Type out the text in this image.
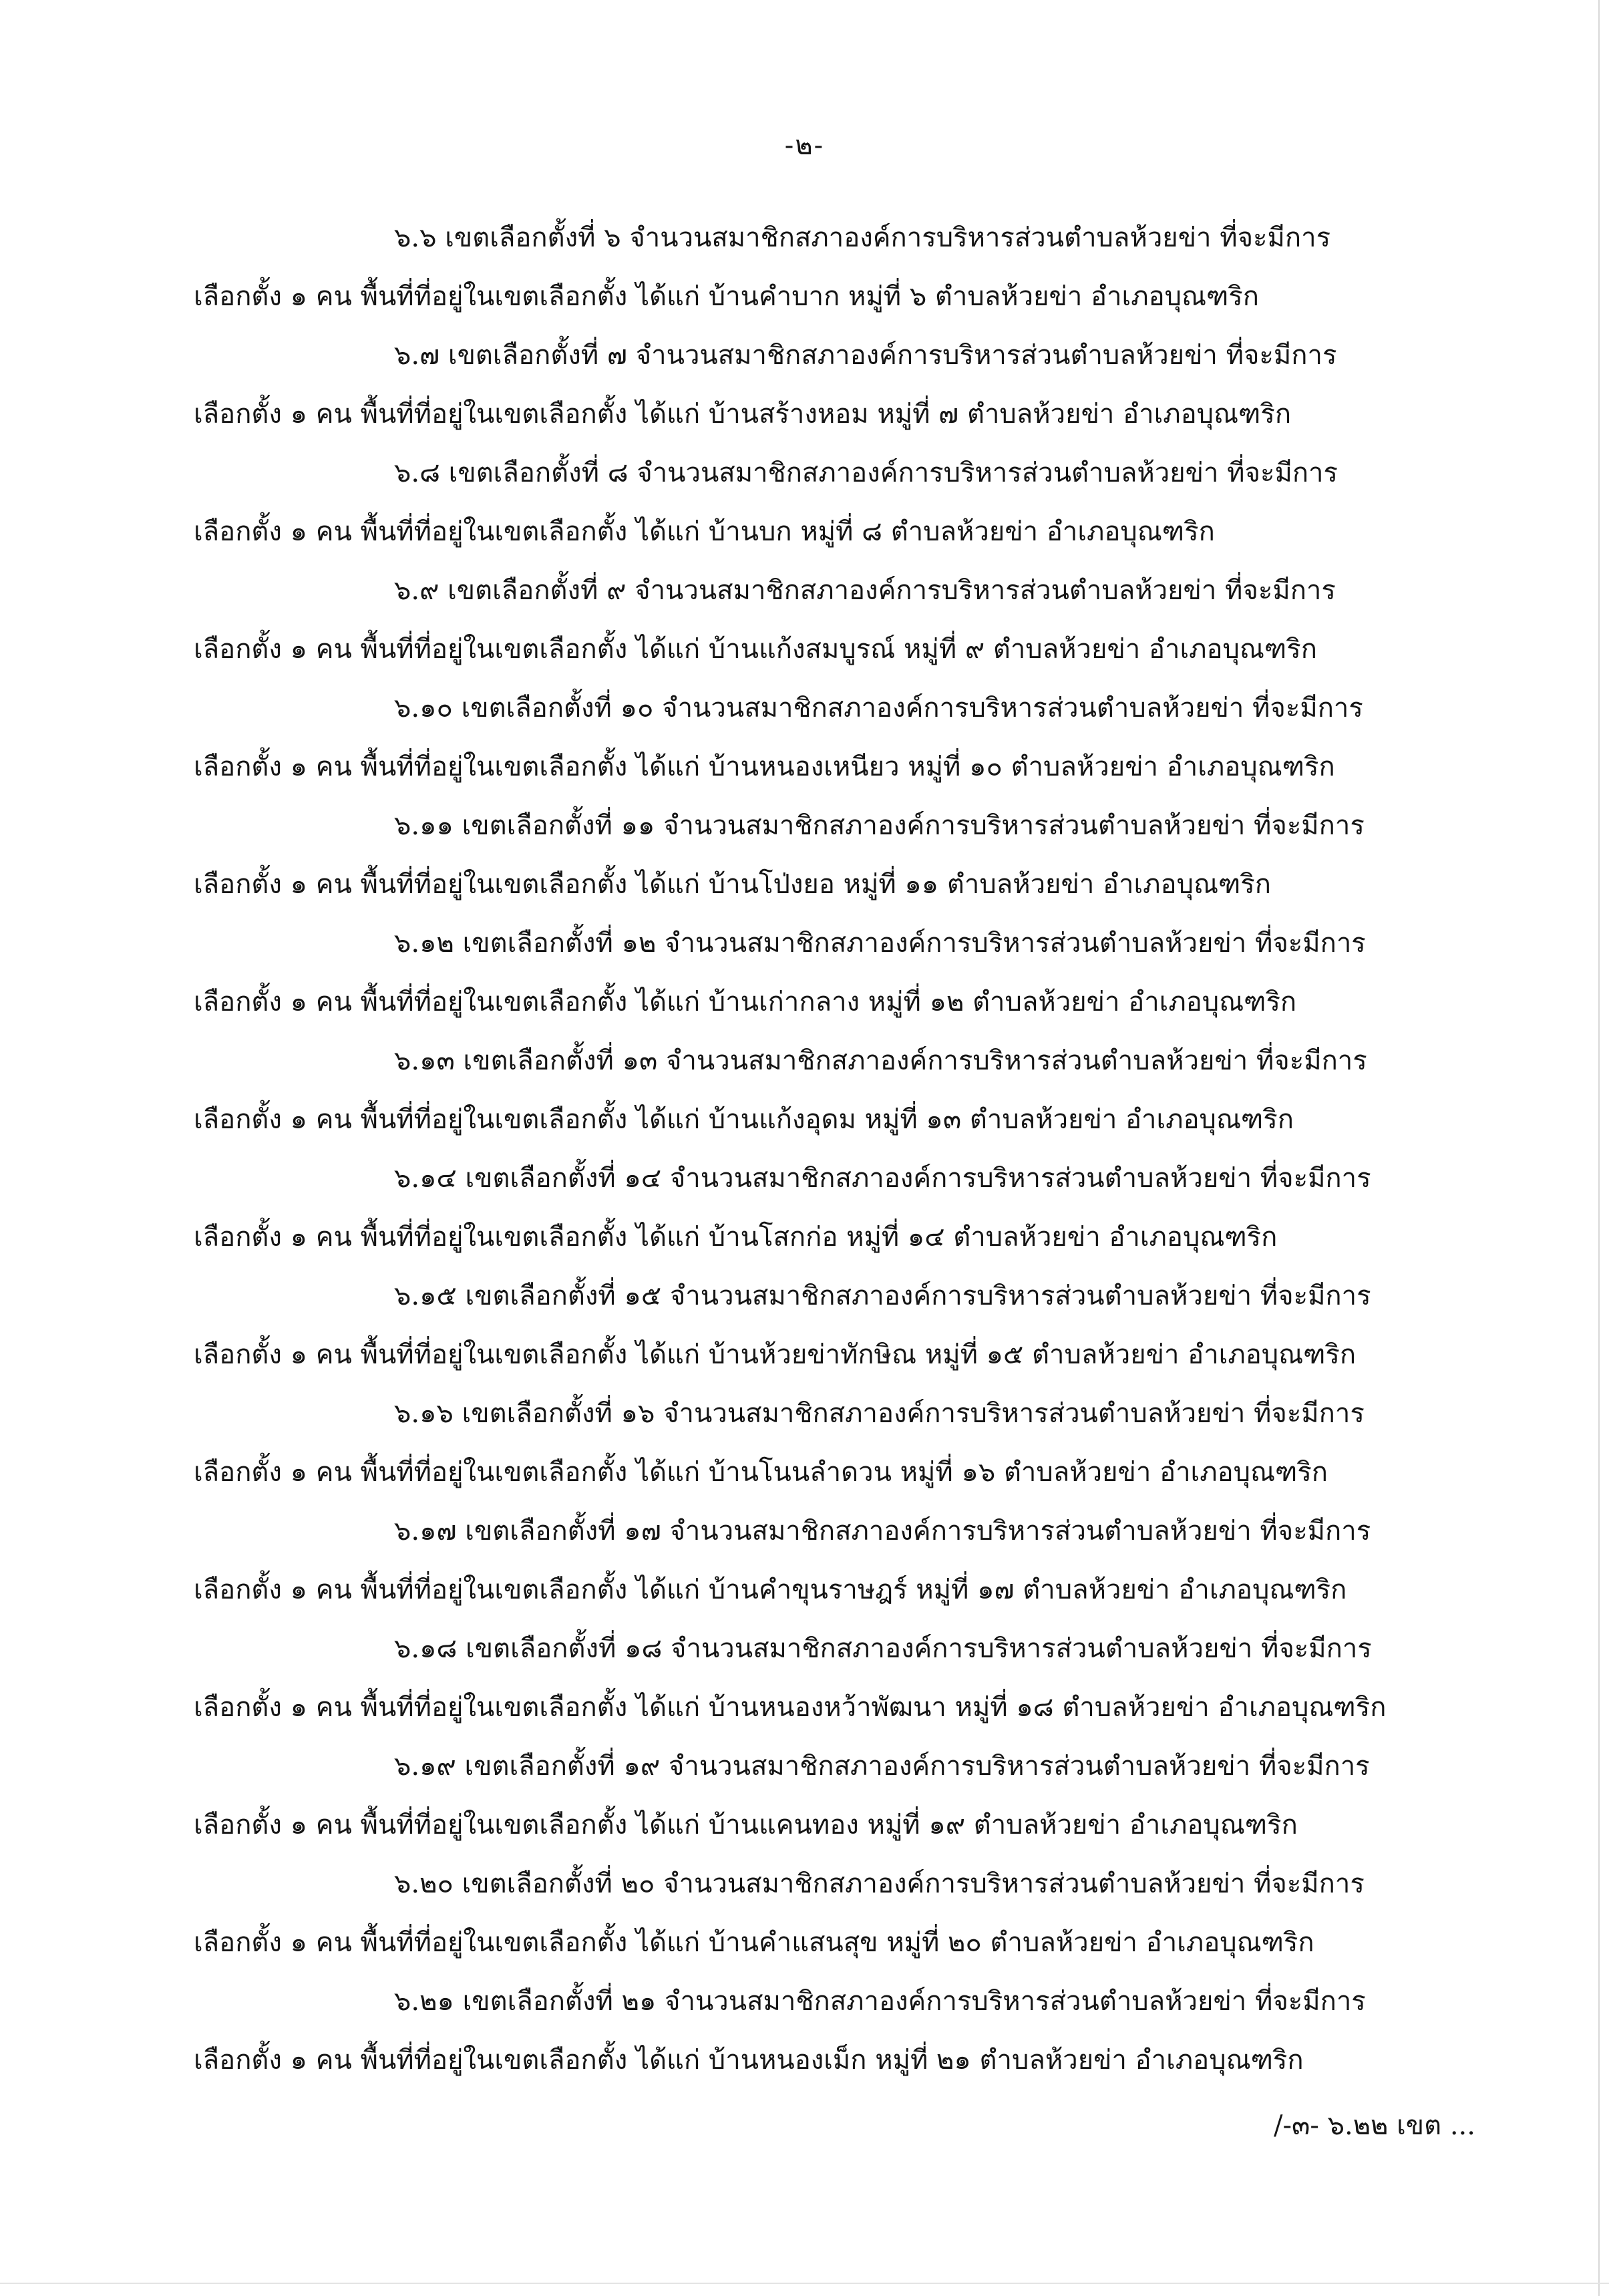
-๒-
๖.๖ เขตเลือกตั้งที่ ๖ จำนวนสมาชิกสภาองค์การบริหารส่วนตำบลห้วยข่า ที่จะมีการ
เลือกตั้ง ๑ คน พื้นที่ที่อยู่ในเขตเลือกตั้ง ได้แก่ บ้านคำบาก หมู่ที่ ๖ ตำบลห้วยข่า อำเภอบุณฑริก
๖.๗ เขตเลือกตั้งที่ ๗ จำนวนสมาชิกสภาองค์การบริหารส่วนตำบลห้วยข่า ที่จะมีการ
เลือกตั้ง ๑ คน พื้นที่ที่อยู่ในเขตเลือกตั้ง ได้แก่ บ้านสร้างหอม หมู่ที่ ๗ ตำบลห้วยข่า อำเภอบุณฑริก
๖.๘ เขตเลือกตั้งที่ ๘ จำนวนสมาชิกสภาองค์การบริหารส่วนตำบลห้วยข่า ที่จะมีการ
เลือกตั้ง ๑ คน พื้นที่ที่อยู่ในเขตเลือกตั้ง ได้แก่ บ้านบก หมู่ที่ ๘ ตำบลห้วยข่า อำเภอบุณฑริก
๖.๙ เขตเลือกตั้งที่ ๙ จำนวนสมาชิกสภาองค์การบริหารส่วนตำบลห้วยข่า ที่จะมีการ
เลือกตั้ง ๑ คน พื้นที่ที่อยู่ในเขตเลือกตั้ง ได้แก่ บ้านแก้งสมบูรณ์ หมู่ที่ ๙ ตำบลห้วยข่า อำเภอบุณฑริก
๖.๑๐ เขตเลือกตั้งที่ ๑๐ จำนวนสมาชิกสภาองค์การบริหารส่วนตำบลห้วยข่า ที่จะมีการ
เลือกตั้ง ๑ คน พื้นที่ที่อยู่ในเขตเลือกตั้ง ได้แก่ บ้านหนองเหนียว หมู่ที่ ๑๐ ตำบลห้วยข่า อำเภอบุณฑริก
๖.๑๑ เขตเลือกตั้งที่ ๑๑ จำนวนสมาชิกสภาองค์การบริหารส่วนตำบลห้วยข่า ที่จะมีการ
เลือกตั้ง ๑ คน พื้นที่ที่อยู่ในเขตเลือกตั้ง ได้แก่ บ้านโป่งยอ หมู่ที่ ๑๑ ตำบลห้วยข่า อำเภอบุณฑริก
๖.๑๒ เขตเลือกตั้งที่ ๑๒ จำนวนสมาชิกสภาองค์การบริหารส่วนตำบลห้วยข่า ที่จะมีการ
เลือกตั้ง ๑ คน พื้นที่ที่อยู่ในเขตเลือกตั้ง ได้แก่ บ้านเก่ากลาง หมู่ที่ ๑๒ ตำบลห้วยข่า อำเภอบุณฑริก
๖.๑๓ เขตเลือกตั้งที่ ๑๓ จำนวนสมาชิกสภาองค์การบริหารส่วนตำบลห้วยข่า ที่จะมีการ
เลือกตั้ง ๑ คน พื้นที่ที่อยู่ในเขตเลือกตั้ง ได้แก่ บ้านแก้งอุดม หมู่ที่ ๑๓ ตำบลห้วยข่า อำเภอบุณฑริก
๖.๑๔ เขตเลือกตั้งที่ ๑๔ จำนวนสมาชิกสภาองค์การบริหารส่วนตำบลห้วยข่า ที่จะมีการ
เลือกตั้ง ๑ คน พื้นที่ที่อยู่ในเขตเลือกตั้ง ได้แก่ บ้านโสกก่อ หมู่ที่ ๑๔ ตำบลห้วยข่า อำเภอบุณฑริก
๖.๑๕ เขตเลือกตั้งที่ ๑๕ จำนวนสมาชิกสภาองค์การบริหารส่วนตำบลห้วยข่า ที่จะมีการ
เลือกตั้ง ๑ คน พื้นที่ที่อยู่ในเขตเลือกตั้ง ได้แก่ บ้านห้วยข่าทักษิณ หมู่ที่ ๑๕ ตำบลห้วยข่า อำเภอบุณฑริก
๖.๑๖ เขตเลือกตั้งที่ ๑๖ จำนวนสมาชิกสภาองค์การบริหารส่วนตำบลห้วยข่า ที่จะมีการ
เลือกตั้ง ๑ คน พื้นที่ที่อยู่ในเขตเลือกตั้ง ได้แก่ บ้านโนนลำดวน หมู่ที่ ๑๖ ตำบลห้วยข่า อำเภอบุณฑริก
๖.๑๗ เขตเลือกตั้งที่ ๑๗ จำนวนสมาชิกสภาองค์การบริหารส่วนตำบลห้วยข่า ที่จะมีการ
เลือกตั้ง ๑ คน พื้นที่ที่อยู่ในเขตเลือกตั้ง ได้แก่ บ้านคำขุนราษฎร์ หมู่ที่ ๑๗ ตำบลห้วยข่า อำเภอบุณฑริก
๖.๑๘ เขตเลือกตั้งที่ ๑๘ จำนวนสมาชิกสภาองค์การบริหารส่วนตำบลห้วยข่า ที่จะมีการ
เลือกตั้ง ๑ คน พื้นที่ที่อยู่ในเขตเลือกตั้ง ได้แก่ บ้านหนองหว้าพัฒนา หมู่ที่ ๑๘ ตำบลห้วยข่า อำเภอบุณฑริก
๖.๑๙ เขตเลือกตั้งที่ ๑๙ จำนวนสมาชิกสภาองค์การบริหารส่วนตำบลห้วยข่า ที่จะมีการ
เลือกตั้ง ๑ คน พื้นที่ที่อยู่ในเขตเลือกตั้ง ได้แก่ บ้านแคนทอง หมู่ที่ ๑๙ ตำบลห้วยข่า อำเภอบุณฑริก
๖.๒๐ เขตเลือกตั้งที่ ๒๐ จำนวนสมาชิกสภาองค์การบริหารส่วนตำบลห้วยข่า ที่จะมีการ
เลือกตั้ง ๑ คน พื้นที่ที่อยู่ในเขตเลือกตั้ง ได้แก่ บ้านคำแสนสุข หมู่ที่ ๒๐ ตำบลห้วยข่า อำเภอบุณฑริก
๖.๒๑ เขตเลือกตั้งที่ ๒๑ จำนวนสมาชิกสภาองค์การบริหารส่วนตำบลห้วยข่า ที่จะมีการ
เลือกตั้ง ๑ คน พื้นที่ที่อยู่ในเขตเลือกตั้ง ได้แก่ บ้านหนองเม็ก หมู่ที่ ๒๑ ตำบลห้วยข่า อำเภอบุณฑริก
/-๓- ๖.๒๒ เขต ...
